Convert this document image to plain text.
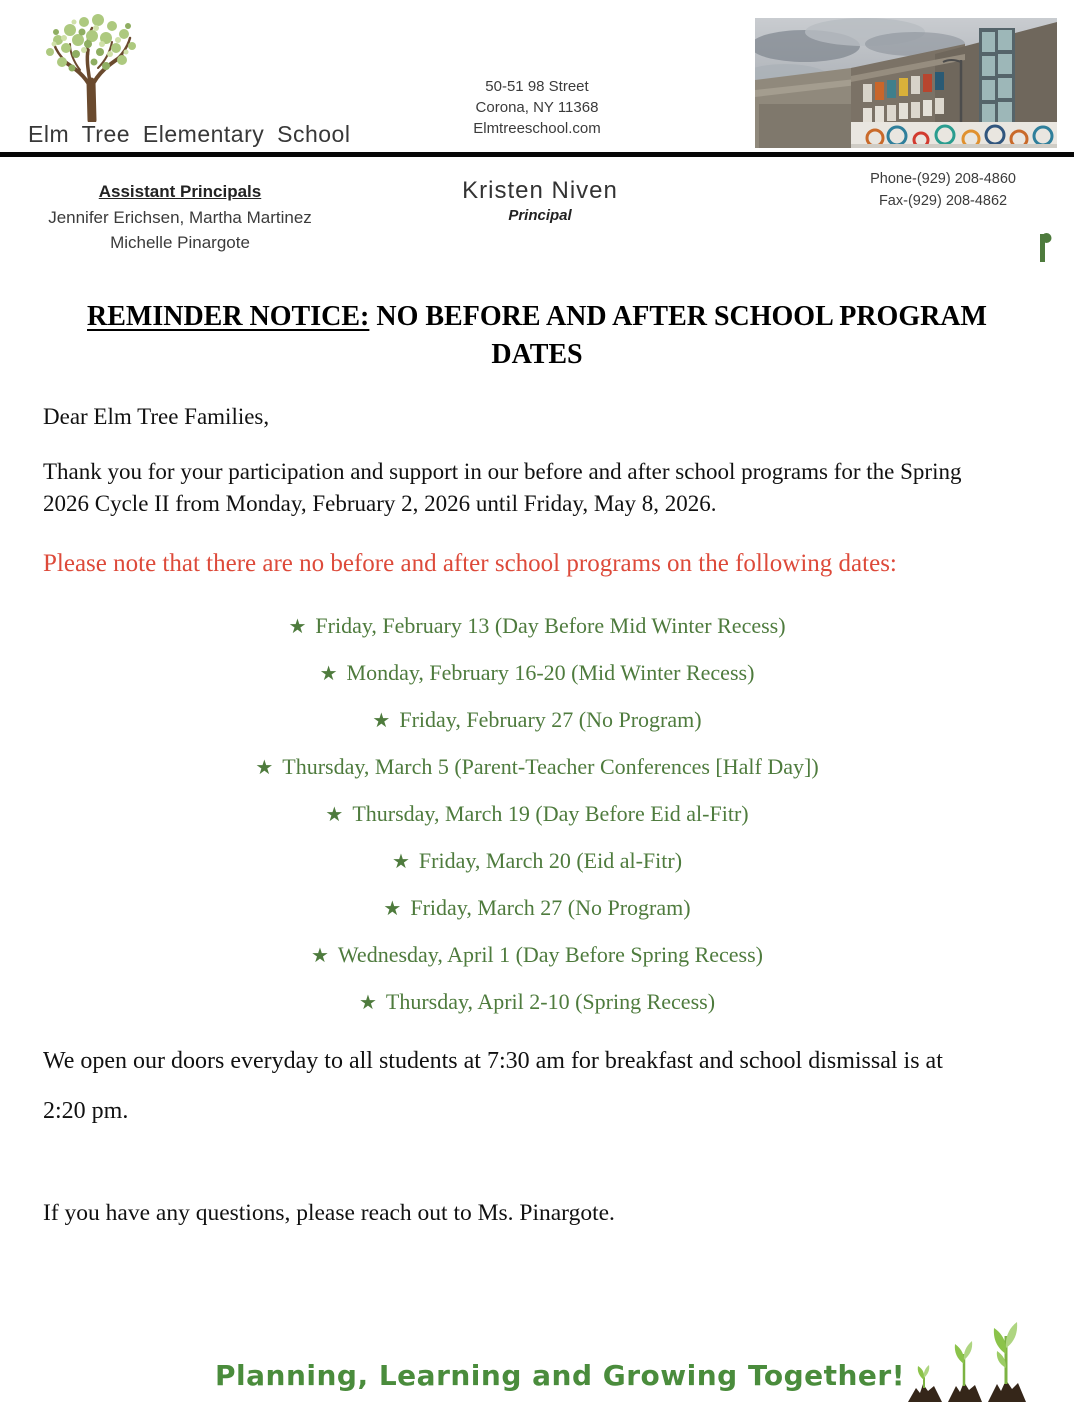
Elm Tree Elementary School
50-51 98 Street
Corona, NY 11368
Elmtreeschool.com
Assistant Principals
Jennifer Erichsen, Martha Martinez
Michelle Pinargote
Kristen Niven
Principal
Phone-(929) 208-4860
Fax-(929) 208-4862
REMINDER NOTICE: NO BEFORE AND AFTER SCHOOL PROGRAM
DATES

Dear Elm Tree Families,

Thank you for your participation and support in our before and after school programs for the Spring 2026 Cycle II from Monday, February 2, 2026 until Friday, May 8, 2026.

Please note that there are no before and after school programs on the following dates:

★ Friday, February 13 (Day Before Mid Winter Recess)
★ Monday, February 16-20 (Mid Winter Recess)
★ Friday, February 27 (No Program)
★ Thursday, March 5 (Parent-Teacher Conferences [Half Day])
★ Thursday, March 19 (Day Before Eid al-Fitr)
★ Friday, March 20 (Eid al-Fitr)
★ Friday, March 27 (No Program)
★ Wednesday, April 1 (Day Before Spring Recess)
★ Thursday, April 2-10 (Spring Recess)

We open our doors everyday to all students at 7:30 am for breakfast and school dismissal is at 2:20 pm.

If you have any questions, please reach out to Ms. Pinargote.

Planning, Learning and Growing Together!
